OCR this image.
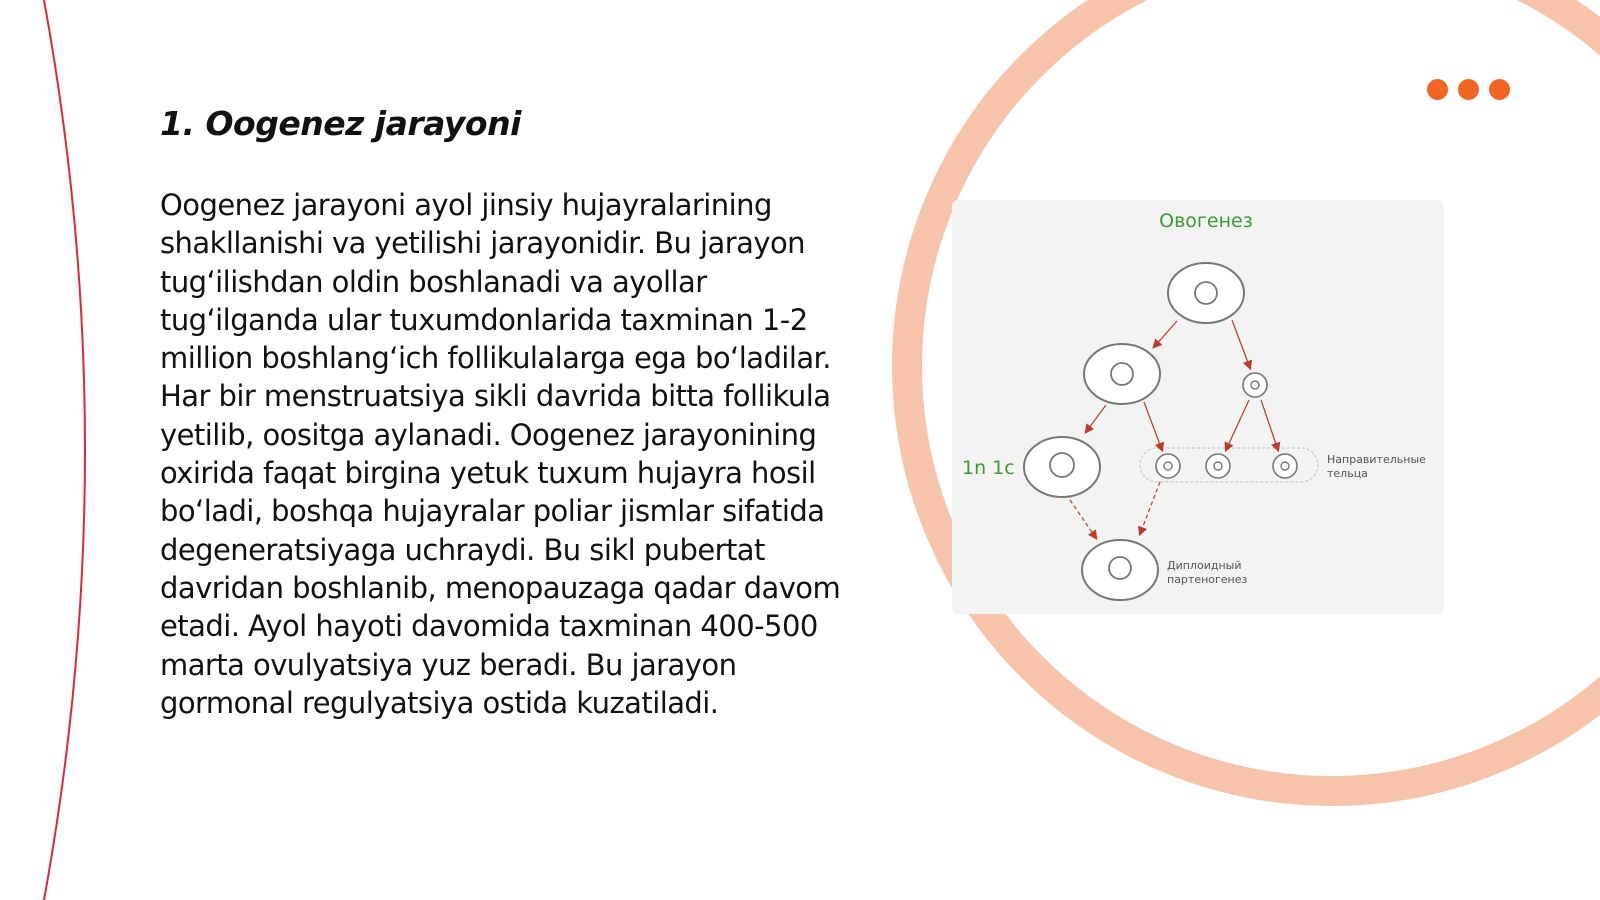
1. Oogenez jarayoni

Oogenez jarayoni ayol jinsiy hujayralarining shakllanishi va yetilishi jarayonidir. Bu jarayon tug‘ilishdan oldin boshlanadi va ayollar tug‘ilganda ular tuxumdonlarida taxminan 1-2 million boshlang‘ich follikulalarga ega bo‘ladilar. Har bir menstruatsiya sikli davrida bitta follikula yetilib, oositga aylanadi. Oogenez jarayonining oxirida faqat birgina yetuk tuxum hujayra hosil bo‘ladi, boshqa hujayralar poliar jismlar sifatida degeneratsiyaga uchraydi. Bu sikl pubertat davridan boshlanib, menopauzaga qadar davom etadi. Ayol hayoti davomida taxminan 400-500 marta ovulyatsiya yuz beradi. Bu jarayon gormonal regulyatsiya ostida kuzatiladi.

Овогенез
1n 1c	Направительные
тельца
Диплоидный
партеногенез
